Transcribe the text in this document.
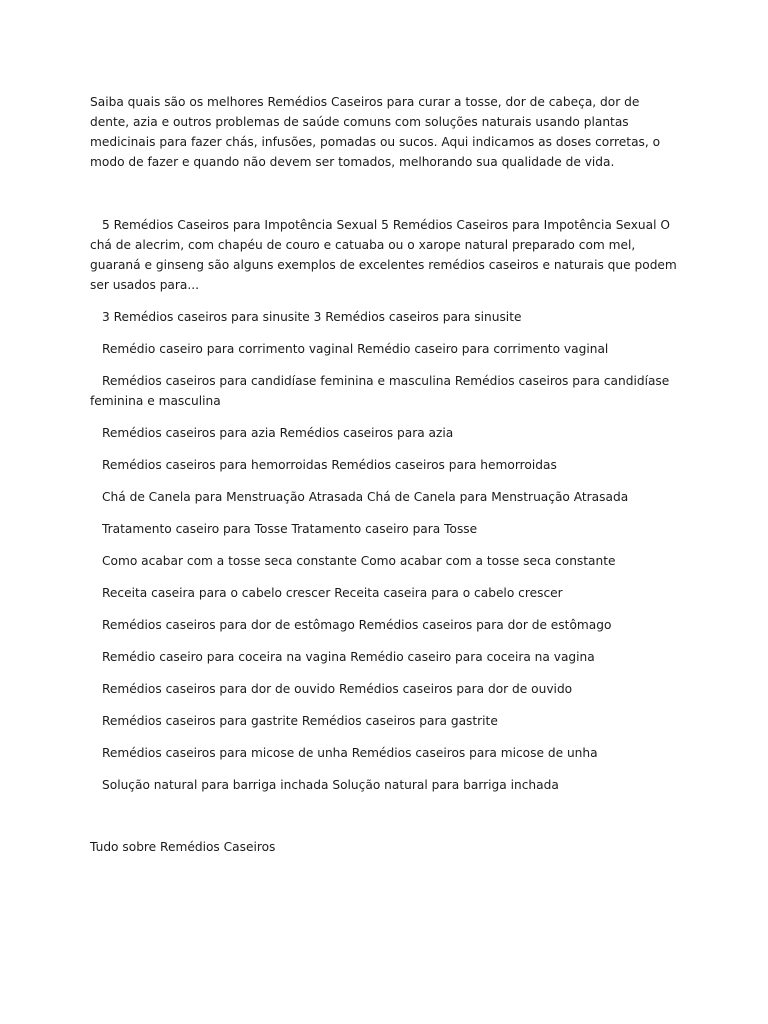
Saiba quais são os melhores Remédios Caseiros para curar a tosse, dor de cabeça, dor de dente, azia e outros problemas de saúde comuns com soluções naturais usando plantas medicinais para fazer chás, infusões, pomadas ou sucos. Aqui indicamos as doses corretas, o modo de fazer e quando não devem ser tomados, melhorando sua qualidade de vida.

5 Remédios Caseiros para Impotência Sexual 5 Remédios Caseiros para Impotência Sexual O chá de alecrim, com chapéu de couro e catuaba ou o xarope natural preparado com mel, guaraná e ginseng são alguns exemplos de excelentes remédios caseiros e naturais que podem ser usados para...

3 Remédios caseiros para sinusite 3 Remédios caseiros para sinusite

Remédio caseiro para corrimento vaginal Remédio caseiro para corrimento vaginal

Remédios caseiros para candidíase feminina e masculina Remédios caseiros para candidíase feminina e masculina

Remédios caseiros para azia Remédios caseiros para azia

Remédios caseiros para hemorroidas Remédios caseiros para hemorroidas

Chá de Canela para Menstruação Atrasada Chá de Canela para Menstruação Atrasada

Tratamento caseiro para Tosse Tratamento caseiro para Tosse

Como acabar com a tosse seca constante Como acabar com a tosse seca constante

Receita caseira para o cabelo crescer Receita caseira para o cabelo crescer

Remédios caseiros para dor de estômago Remédios caseiros para dor de estômago

Remédio caseiro para coceira na vagina Remédio caseiro para coceira na vagina

Remédios caseiros para dor de ouvido Remédios caseiros para dor de ouvido

Remédios caseiros para gastrite Remédios caseiros para gastrite

Remédios caseiros para micose de unha Remédios caseiros para micose de unha

Solução natural para barriga inchada Solução natural para barriga inchada

Tudo sobre Remédios Caseiros
